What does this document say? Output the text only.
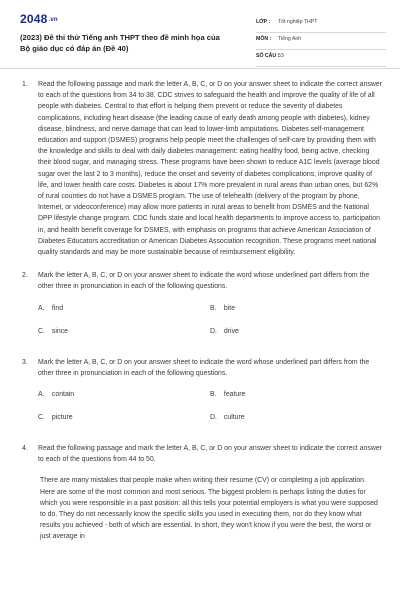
2048.vn
(2023) Đề thi thử Tiếng anh THPT theo đề minh họa của Bộ giáo dục có đáp án (Đề 40)
LỚP : Tốt nghiệp THPT
MÔN : Tiếng Anh
SỐ CÂU :
53
1. Read the following passage and mark the letter A, B, C, or D on your answer sheet to indicate the correct answer to each of the questions from 34 to 38. CDC strives to safeguard the health and improve the quality of life of all people with diabetes. Central to that effort is helping them prevent or reduce the severity of diabetes complications, including heart disease (the leading cause of early death among people with diabetes), kidney disease, blindness, and nerve damage that can lead to lower-limb amputations. Diabetes self-management education and support (DSMES) programs help people meet the challenges of self-care by providing them with the knowledge and skills to deal with daily diabetes management: eating healthy food, being active, checking their blood sugar, and managing stress. These programs have been shown to reduce A1C levels (average blood sugar over the last 2 to 3 months), reduce the onset and severity of diabetes complications, improve quality of life, and lower health care costs. Diabetes is about 17% more prevalent in rural areas than urban ones, but 62% of rural counties do not have a DSMES program. The use of telehealth (delivery of the program by phone, Internet, or videoconference) may allow more patients in rural areas to benefit from DSMES and the National DPP lifestyle change program. CDC funds state and local health departments to improve access to, participation in, and health benefit coverage for DSMES, with emphasis on programs that achieve American Association of Diabetes Educators accreditation or American Diabetes Association recognition. These programs meet national quality standards and may be more sustainable because of reimbursement eligibility.

2. Mark the letter A, B, C, or D on your answer sheet to indicate the word whose underlined part differs from the other three in pronunciation in each of the following questions.

A. find	B. bite
C. since	D. drive
3. Mark the letter A, B, C, or D on your answer sheet to indicate the word whose underlined part differs from the other three in pronunciation in each of the following questions.

A. contain	B. feature
C. picture	D. culture
4. Read the following passage and mark the letter A, B, C, or D on your answer sheet to indicate the correct answer to each of the questions from 44 to 50.

There are many mistakes that people make when writing their resume (CV) or completing a job application. Here are some of the most common and most serious. The biggest problem is perhaps listing the duties for which you were responsible in a past position: all this tells your potential employers is what you were supposed to do. They do not necessarily know the specific skills you used in executing them, nor do they know what results you achieved - both of which are essential. In short, they won't know if you were the best, the worst or just average in
